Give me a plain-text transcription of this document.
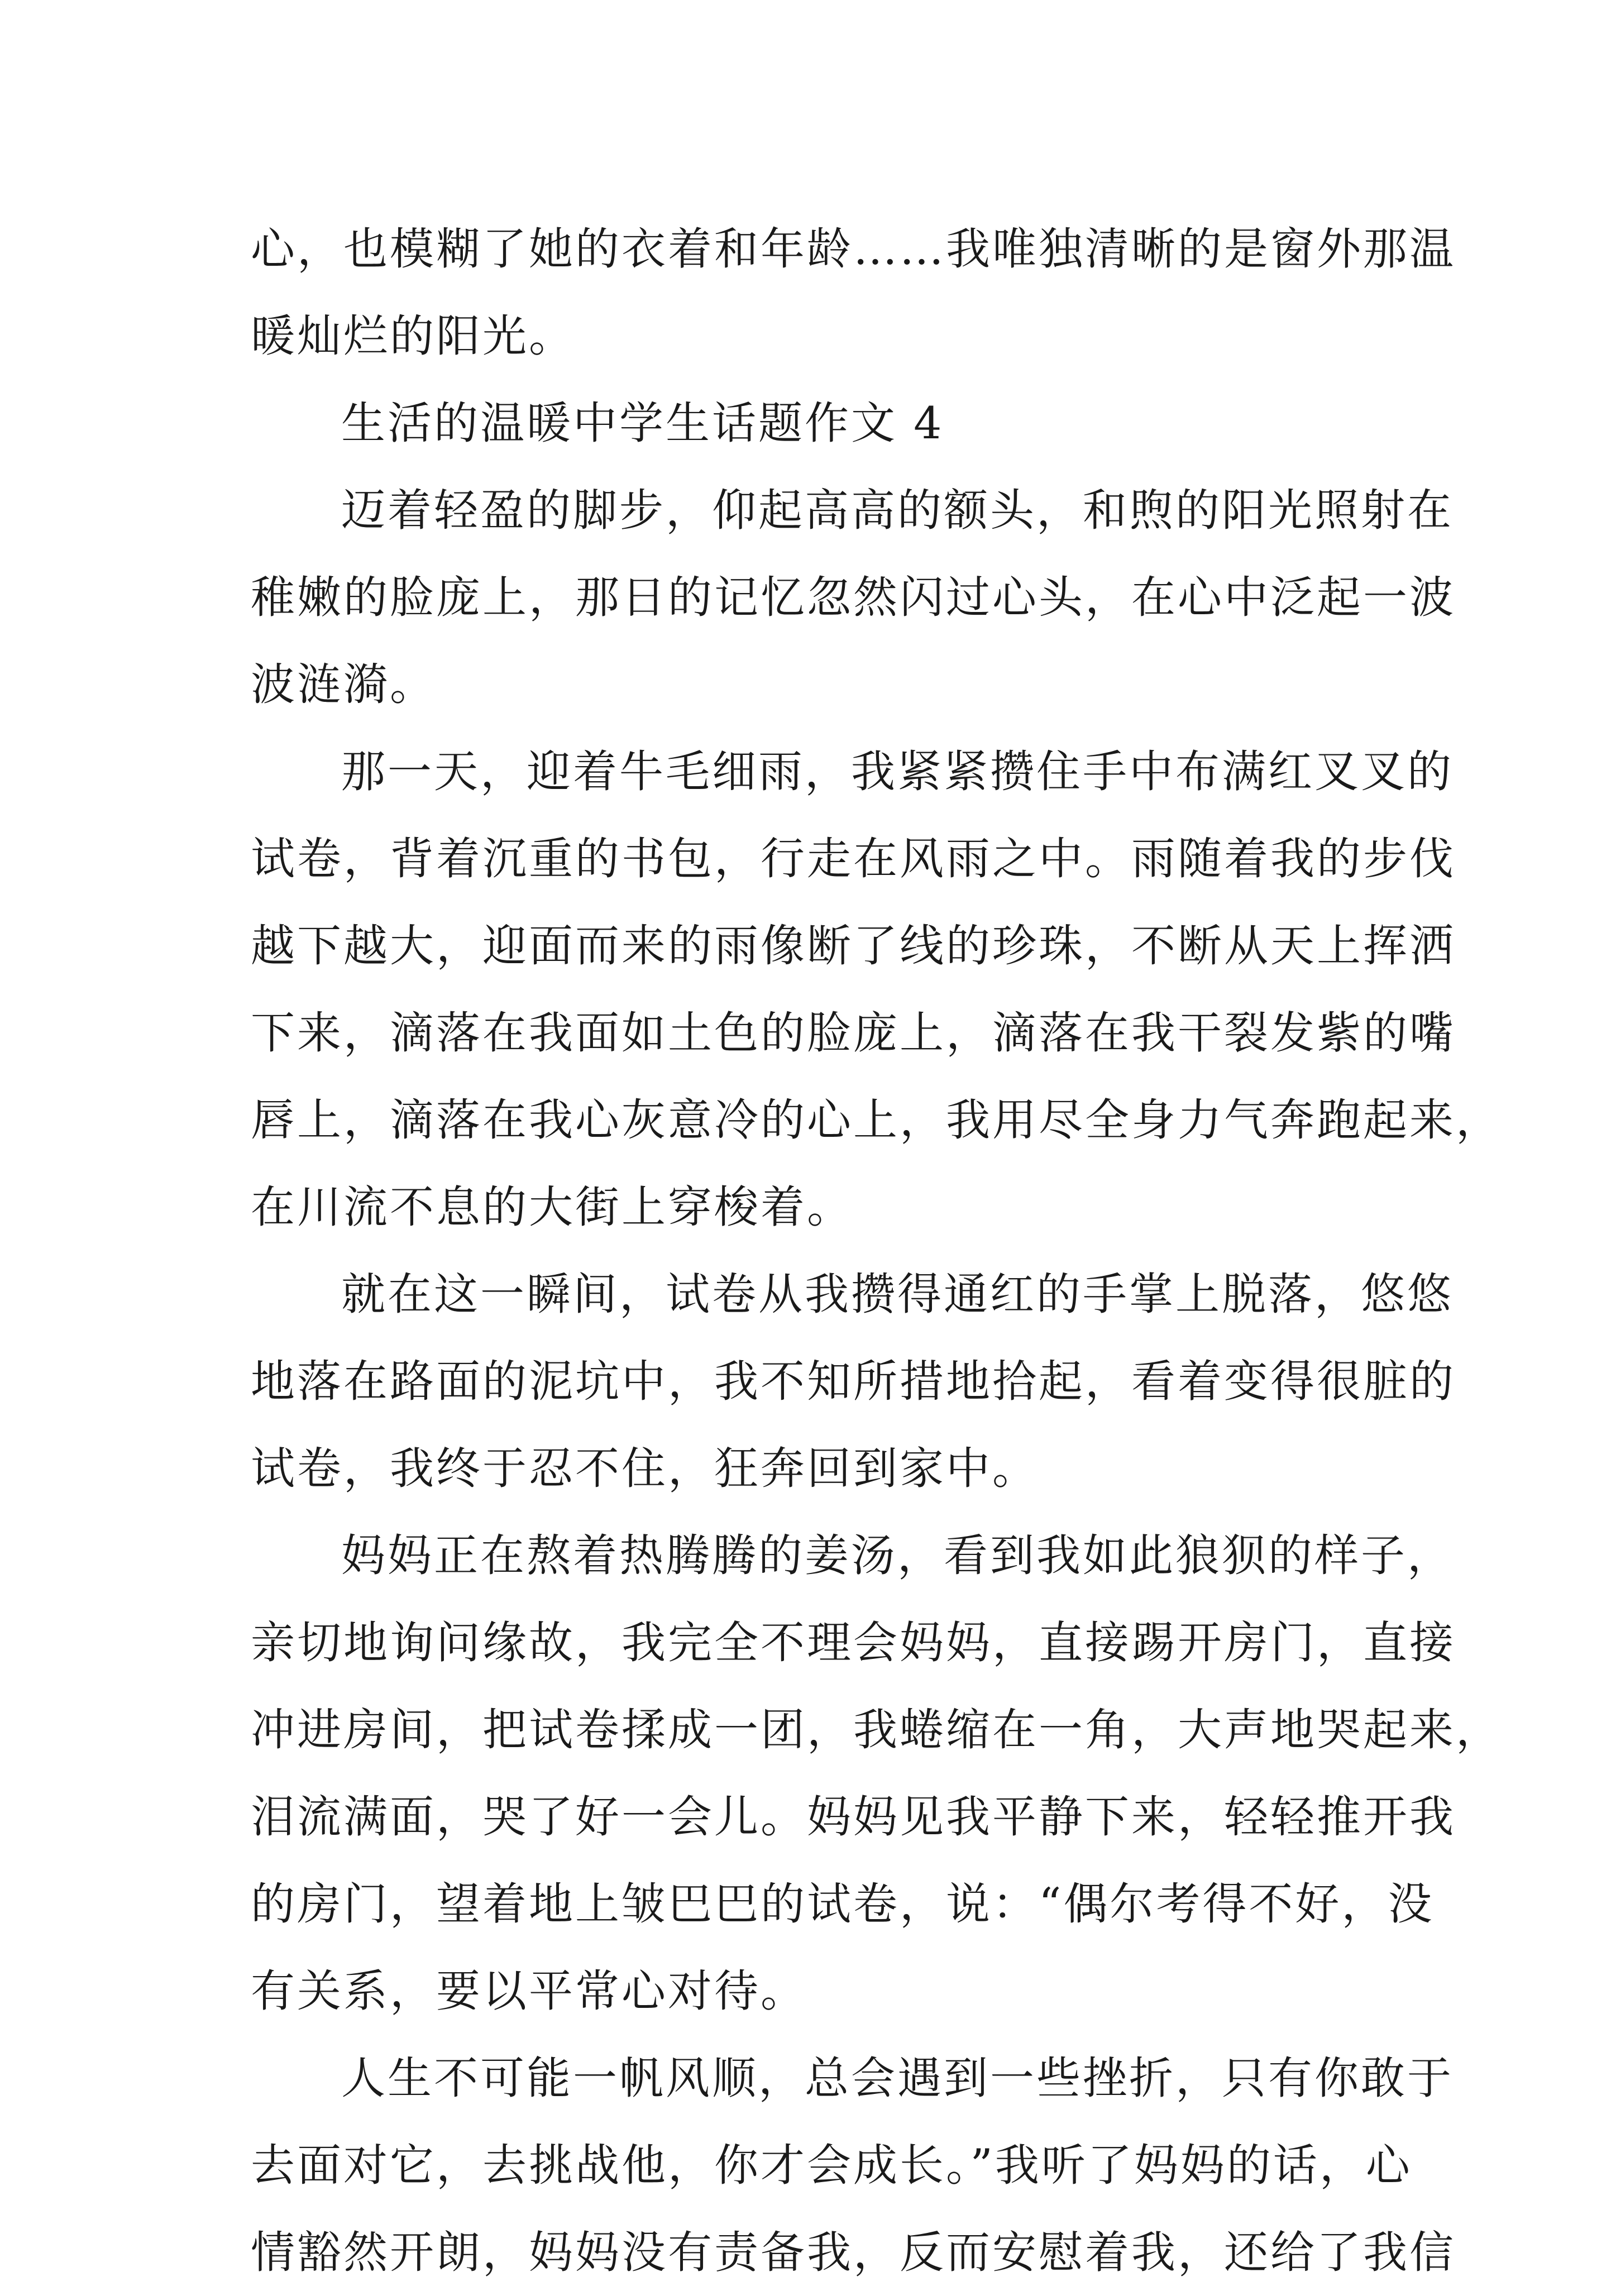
心，也模糊了她的衣着和年龄……我唯独清晰的是窗外那温
暖灿烂的阳光。
生活的温暖中学生话题作文 4
迈着轻盈的脚步，仰起高高的额头，和煦的阳光照射在
稚嫩的脸庞上，那日的记忆忽然闪过心头，在心中泛起一波
波涟漪。
那一天，迎着牛毛细雨，我紧紧攒住手中布满红叉叉的
试卷，背着沉重的书包，行走在风雨之中。雨随着我的步伐
越下越大，迎面而来的雨像断了线的珍珠，不断从天上挥洒
下来，滴落在我面如土色的脸庞上，滴落在我干裂发紫的嘴
唇上，滴落在我心灰意冷的心上，我用尽全身力气奔跑起来，
在川流不息的大街上穿梭着。
就在这一瞬间，试卷从我攒得通红的手掌上脱落，悠悠
地落在路面的泥坑中，我不知所措地拾起，看着变得很脏的
试卷，我终于忍不住，狂奔回到家中。
妈妈正在熬着热腾腾的姜汤，看到我如此狼狈的样子，
亲切地询问缘故，我完全不理会妈妈，直接踢开房门，直接
冲进房间，把试卷揉成一团，我蜷缩在一角，大声地哭起来，
泪流满面，哭了好一会儿。妈妈见我平静下来，轻轻推开我
的房门，望着地上皱巴巴的试卷，说：“偶尔考得不好，没
有关系，要以平常心对待。
人生不可能一帆风顺，总会遇到一些挫折，只有你敢于
去面对它，去挑战他，你才会成长。”我听了妈妈的话，心
情豁然开朗，妈妈没有责备我，反而安慰着我，还给了我信
